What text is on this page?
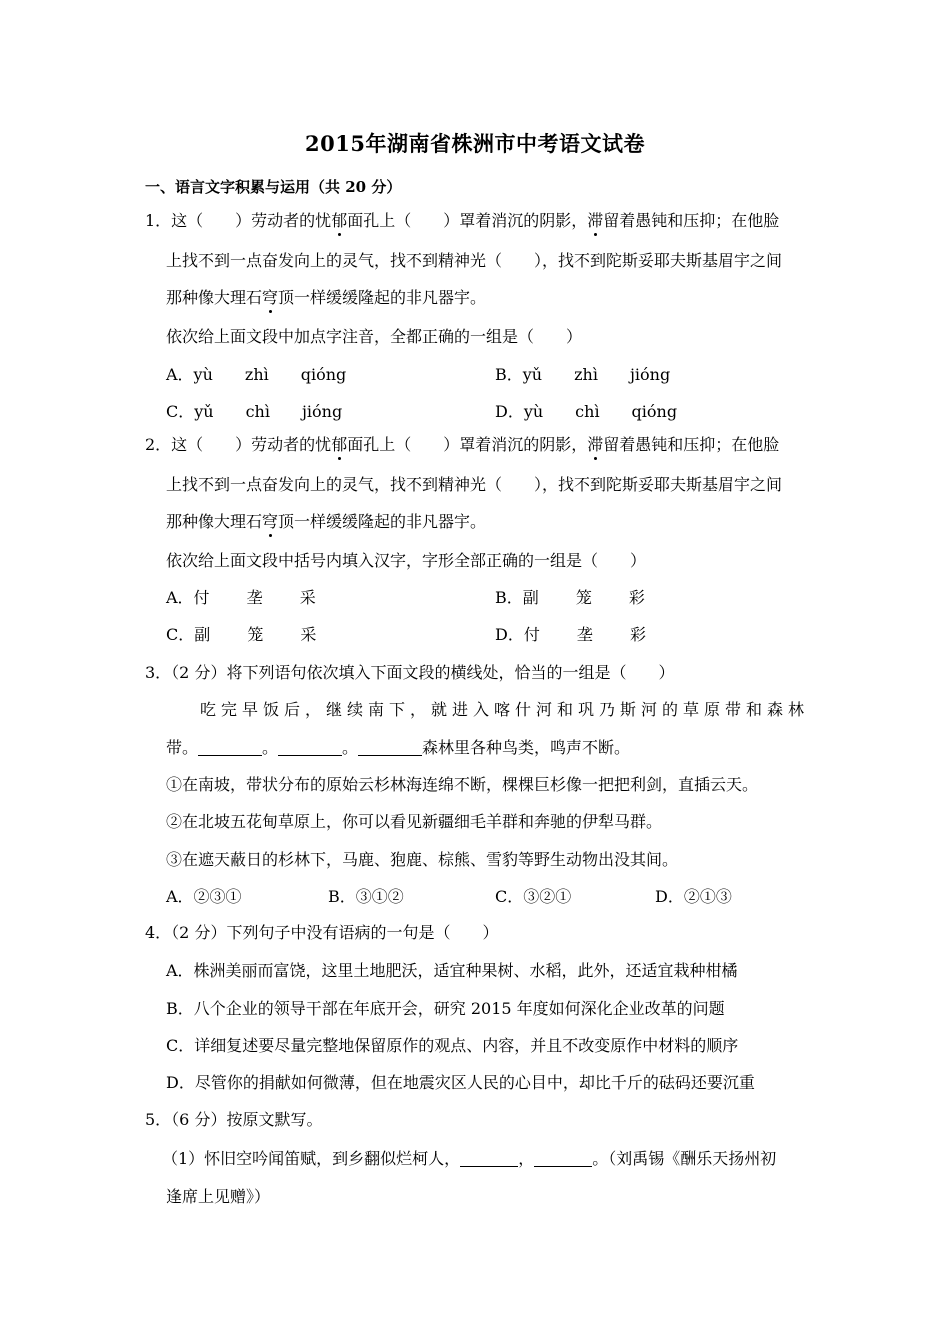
2015年湖南省株洲市中考语文试卷
一、语言文字积累与运用（共 20 分）
1．这（　　）劳动者的忧郁面孔上（　　）罩着消沉的阴影，滞留着愚钝和压抑；在他脸
上找不到一点奋发向上的灵气，找不到精神光（　　），找不到陀斯妥耶夫斯基眉宇之间
那种像大理石穹顶一样缓缓隆起的非凡器宇。
依次给上面文段中加点字注音，全都正确的一组是（　　）
A．yù　　zhì　　qióng	B．yǔ　　zhì　　jióng
C．yǔ　　chì　　jióng	D．yù　　chì　　qióng
2．这（　　）劳动者的忧郁面孔上（　　）罩着消沉的阴影，滞留着愚钝和压抑；在他脸
上找不到一点奋发向上的灵气，找不到精神光（　　），找不到陀斯妥耶夫斯基眉宇之间
那种像大理石穹顶一样缓缓隆起的非凡器宇。
依次给上面文段中括号内填入汉字，字形全部正确的一组是（　　）
A．付　　 垄　　 采	B．副　　 笼　　 彩
C．副　　 笼　　 采	D．付　　 垄　　 彩
3．（2 分）将下列语句依次填入下面文段的横线处，恰当的一组是（　　）
吃完早饭后，继续南下，就进入喀什河和巩乃斯河的草原带和森林
带。	。	。	森林里各种鸟类，鸣声不断。
①在南坡，带状分布的原始云杉林海连绵不断，棵棵巨杉像一把把利剑，直插云天。
②在北坡五花甸草原上，你可以看见新疆细毛羊群和奔驰的伊犁马群。
③在遮天蔽日的杉林下，马鹿、狍鹿、棕熊、雪豹等野生动物出没其间。
A．②③①	B．③①②	C．③②①	D．②①③
4．（2 分）下列句子中没有语病的一句是（　　）
A．株洲美丽而富饶，这里土地肥沃，适宜种果树、水稻，此外，还适宜栽种柑橘
B．八个企业的领导干部在年底开会，研究 2015 年度如何深化企业改革的问题
C．详细复述要尽量完整地保留原作的观点、内容，并且不改变原作中材料的顺序
D．尽管你的捐献如何微薄，但在地震灾区人民的心目中，却比千斤的砝码还要沉重
5．（6 分）按原文默写。
（1）怀旧空吟闻笛赋，到乡翻似烂柯人，	，	。（刘禹锡《酬乐天扬州初
逢席上见赠》）
